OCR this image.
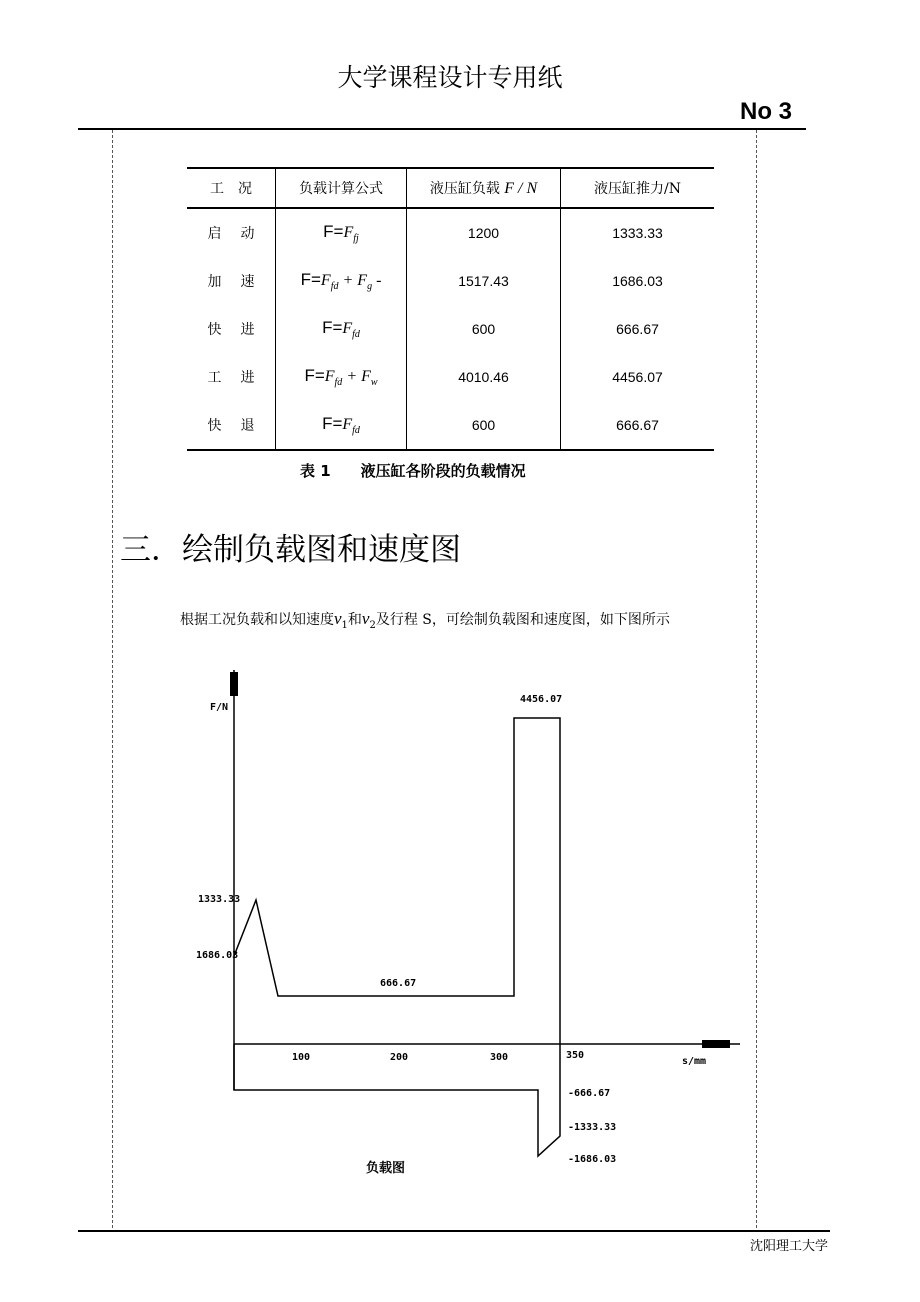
大学课程设计专用纸
No 3
工　况	负载计算公式	液压缸负载 F / N	液压缸推力/N
启 动	$F=F_{fj}$	1200	1333.33
加 速	$F=F_{fd} + F_g$ -	1517.43	1686.03
快 进	$F=F_{fd}$	600	666.67
工 进	$F=F_{fd} + F_w$	4010.46	4456.07
快 退	$F=F_{fd}$	600	666.67
表 1　　液压缸各阶段的负载情况
三．绘制负载图和速度图
根据工况负载和以知速度$v_1$和$v_2$及行程 S，可绘制负载图和速度图，如下图所示
F/N
4456.07
1333.33
1686.03
666.67
100	200	300	350
s/mm
-666.67
-1333.33
-1686.03
负载图
沈阳理工大学
